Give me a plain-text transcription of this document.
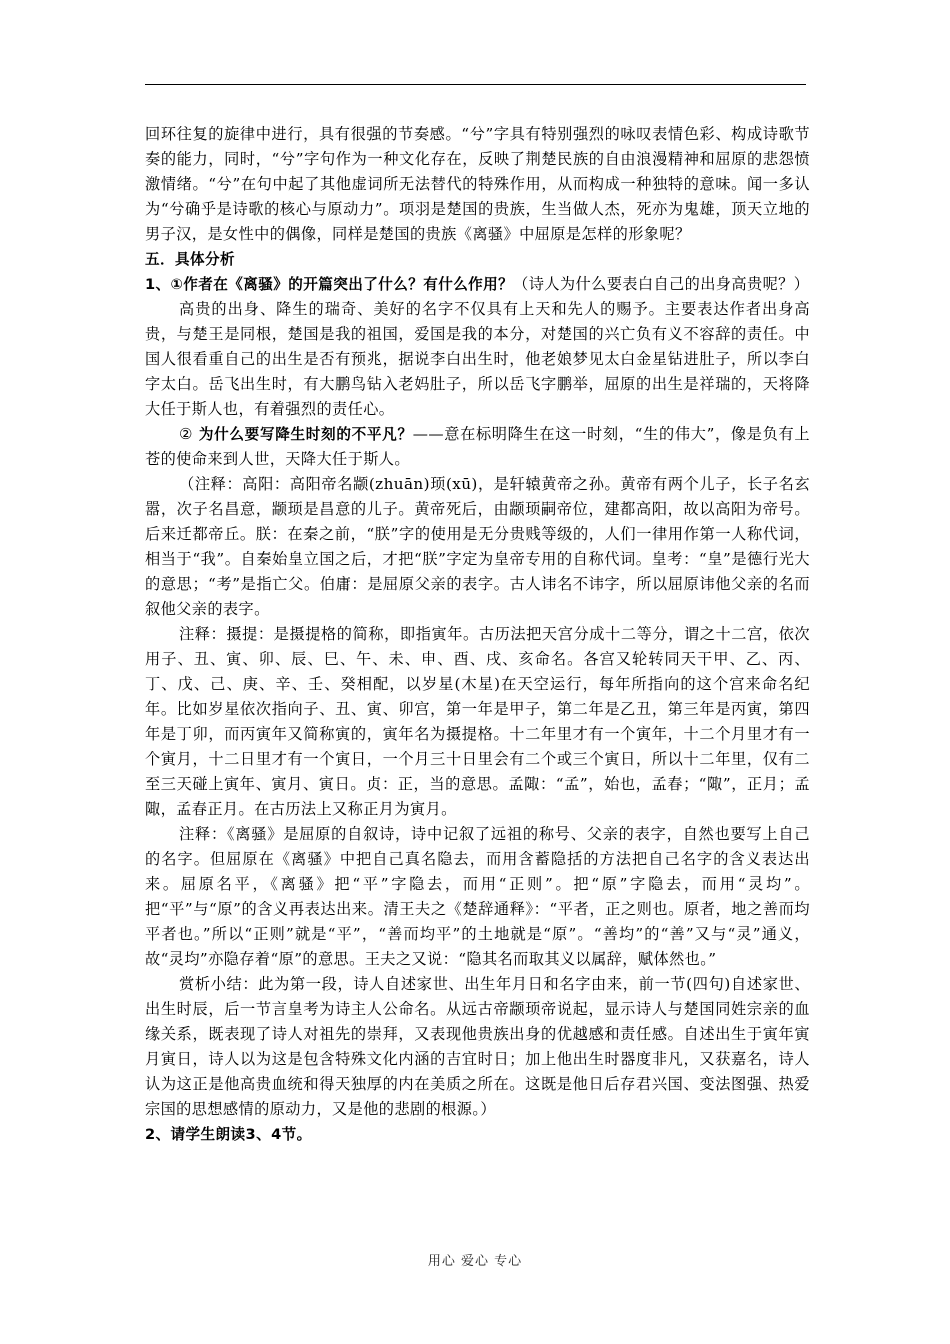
回环往复的旋律中进行，具有很强的节奏感。“兮”字具有特别强烈的咏叹表情色彩、构成诗歌节奏的能力，同时，“兮”字句作为一种文化存在，反映了荆楚民族的自由浪漫精神和屈原的悲怨愤激情绪。“兮”在句中起了其他虚词所无法替代的特殊作用，从而构成一种独特的意味。闻一多认为“兮确乎是诗歌的核心与原动力”。项羽是楚国的贵族，生当做人杰，死亦为鬼雄，顶天立地的男子汉，是女性中的偶像，同样是楚国的贵族《离骚》中屈原是怎样的形象呢？

五．具体分析

1、①作者在《离骚》的开篇突出了什么？有什么作用？（诗人为什么要表白自己的出身高贵呢？）

高贵的出身、降生的瑞奇、美好的名字不仅具有上天和先人的赐予。主要表达作者出身高贵，与楚王是同根，楚国是我的祖国，爱国是我的本分，对楚国的兴亡负有义不容辞的责任。中国人很看重自己的出生是否有预兆，据说李白出生时，他老娘梦见太白金星钻进肚子，所以李白字太白。岳飞出生时，有大鹏鸟钻入老妈肚子，所以岳飞字鹏举，屈原的出生是祥瑞的，天将降大任于斯人也，有着强烈的责任心。

② 为什么要写降生时刻的不平凡？——意在标明降生在这一时刻，“生的伟大”，像是负有上苍的使命来到人世，天降大任于斯人。

（注释：高阳：高阳帝名颛(zhuān)顼(xū)，是轩辕黄帝之孙。黄帝有两个儿子，长子名玄嚣，次子名昌意，颛顼是昌意的儿子。黄帝死后，由颛顼嗣帝位，建都高阳，故以高阳为帝号。后来迁都帝丘。朕：在秦之前，“朕”字的使用是无分贵贱等级的，人们一律用作第一人称代词，相当于“我”。自秦始皇立国之后，才把“朕”字定为皇帝专用的自称代词。皇考：“皇”是德行光大的意思；“考”是指亡父。伯庸：是屈原父亲的表字。古人讳名不讳字，所以屈原讳他父亲的名而叙他父亲的表字。

注释：摄提：是摄提格的简称，即指寅年。古历法把天宫分成十二等分，谓之十二宫，依次用子、丑、寅、卯、辰、巳、午、未、申、酉、戌、亥命名。各宫又轮转同天干甲、乙、丙、丁、戊、己、庚、辛、壬、癸相配，以岁星(木星)在天空运行，每年所指向的这个宫来命名纪年。比如岁星依次指向子、丑、寅、卯宫，第一年是甲子，第二年是乙丑，第三年是丙寅，第四年是丁卯，而丙寅年又简称寅的，寅年名为摄提格。十二年里才有一个寅年，十二个月里才有一个寅月，十二日里才有一个寅日，一个月三十日里会有二个或三个寅日，所以十二年里，仅有二至三天碰上寅年、寅月、寅日。贞：正，当的意思。孟陬：“孟”，始也，孟春；“陬”，正月；孟陬，孟春正月。在古历法上又称正月为寅月。

注释：《离骚》是屈原的自叙诗，诗中记叙了远祖的称号、父亲的表字，自然也要写上自己的名字。但屈原在《离骚》中把自己真名隐去，而用含蓄隐括的方法把自己名字的含义表达出来。屈原名平，《离骚》把“平”字隐去，而用“正则”。把“原”字隐去，而用“灵均”。把“平”与“原”的含义再表达出来。清王夫之《楚辞通释》：“平者，正之则也。原者，地之善而均平者也。”所以“正则”就是“平”，“善而均平”的土地就是“原”。“善均”的“善”又与“灵”通义，故“灵均”亦隐存着“原”的意思。王夫之又说：“隐其名而取其义以属辞，赋体然也。”

赏析小结：此为第一段，诗人自述家世、出生年月日和名字由来，前一节(四句)自述家世、出生时辰，后一节言皇考为诗主人公命名。从远古帝颛顼帝说起，显示诗人与楚国同姓宗亲的血缘关系，既表现了诗人对祖先的崇拜，又表现他贵族出身的优越感和责任感。自述出生于寅年寅月寅日，诗人以为这是包含特殊文化内涵的吉宜时日；加上他出生时器度非凡，又获嘉名，诗人认为这正是他高贵血统和得天独厚的内在美质之所在。这既是他日后存君兴国、变法图强、热爱宗国的思想感情的原动力，又是他的悲剧的根源。）

2、请学生朗读3、4节。

用心 爱心 专心
